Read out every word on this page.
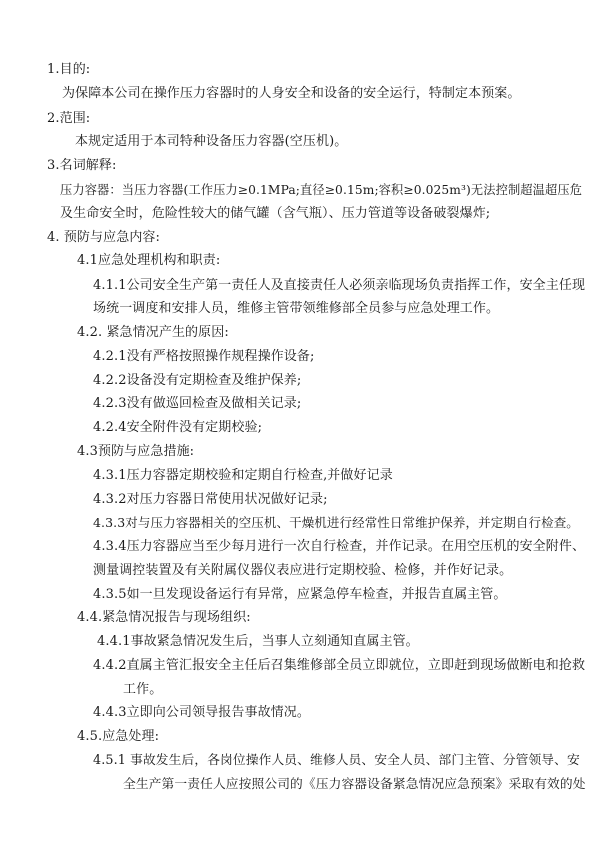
1.目的:
为保障本公司在操作压力容器时的人身安全和设备的安全运行，特制定本预案。
2.范围:
本规定适用于本司特种设备压力容器(空压机)。
3.名词解释:
压力容器：当压力容器(工作压力≥0.1MPa;直径≥0.15m;容积≥0.025m³)无法控制超温超压危
及生命安全时，危险性较大的储气罐（含气瓶）、压力管道等设备破裂爆炸;
4. 预防与应急内容:
4.1应急处理机构和职责:
4.1.1公司安全生产第一责任人及直接责任人必须亲临现场负责指挥工作，安全主任现
场统一调度和安排人员，维修主管带领维修部全员参与应急处理工作。
4.2. 紧急情况产生的原因:
4.2.1没有严格按照操作规程操作设备;
4.2.2设备没有定期检查及维护保养;
4.2.3没有做巡回检查及做相关记录;
4.2.4安全附件没有定期校验;
4.3预防与应急措施:
4.3.1压力容器定期校验和定期自行检查,并做好记录
4.3.2对压力容器日常使用状况做好记录;
4.3.3对与压力容器相关的空压机、干燥机进行经常性日常维护保养，并定期自行检查。
4.3.4压力容器应当至少每月进行一次自行检查，并作记录。在用空压机的安全附件、
测量调控装置及有关附属仪器仪表应进行定期校验、检修，并作好记录。
4.3.5如一旦发现设备运行有异常，应紧急停车检查，并报告直属主管。
4.4.紧急情况报告与现场组织:
4.4.1事故紧急情况发生后，当事人立刻通知直属主管。
4.4.2直属主管汇报安全主任后召集维修部全员立即就位，立即赶到现场做断电和抢救
工作。
4.4.3立即向公司领导报告事故情况。
4.5.应急处理:
4.5.1 事故发生后，各岗位操作人员、维修人员、安全人员、部门主管、分管领导、安
全生产第一责任人应按照公司的《压力容器设备紧急情况应急预案》采取有效的处
